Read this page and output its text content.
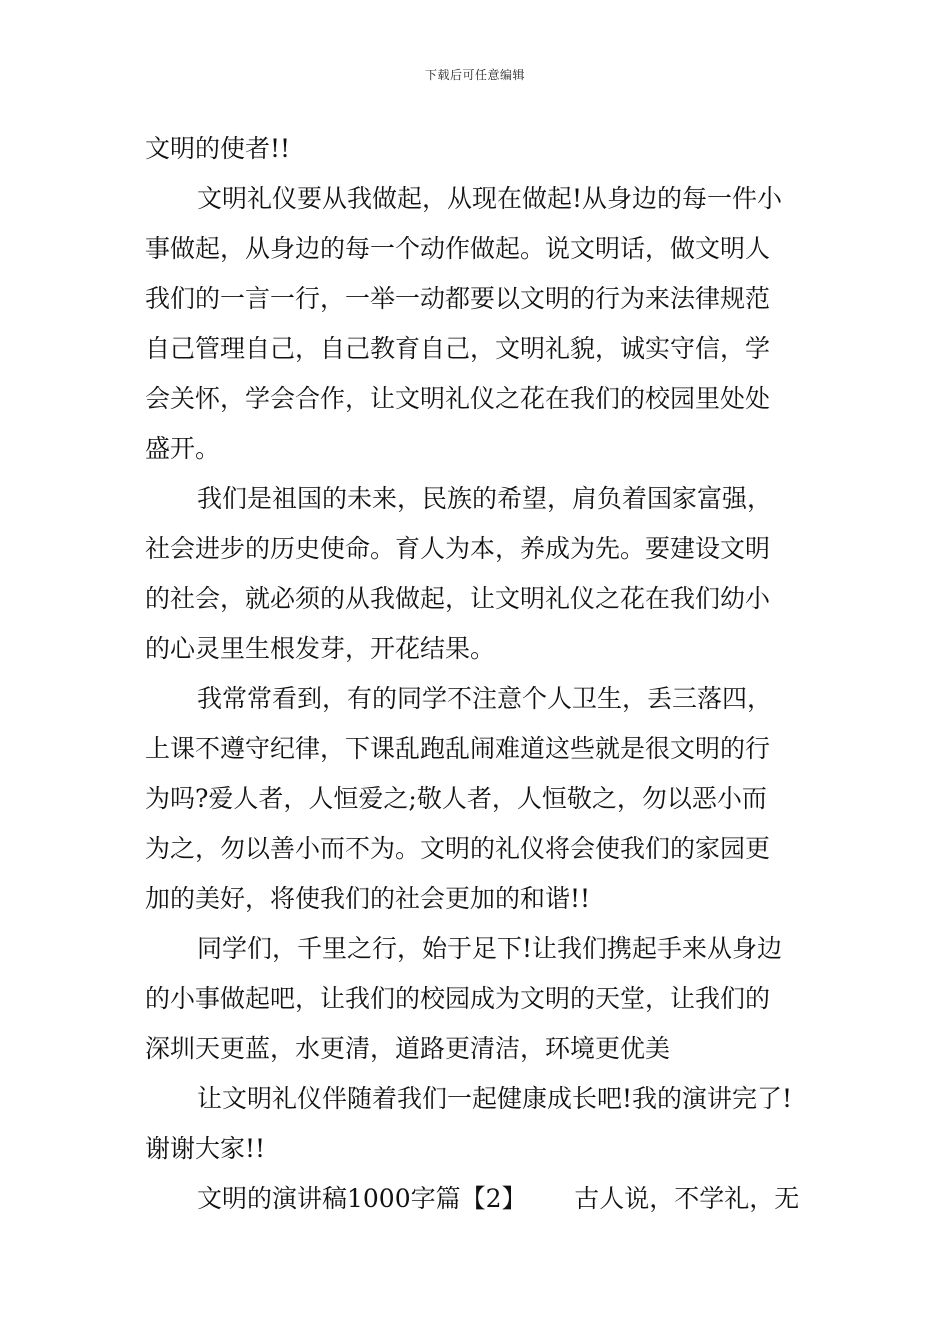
下载后可任意编辑
文明的使者!!
文明礼仪要从我做起，从现在做起!从身边的每一件小
事做起，从身边的每一个动作做起。说文明话，做文明人
我们的一言一行，一举一动都要以文明的行为来法律规范
自己管理自己，自己教育自己，文明礼貌，诚实守信，学
会关怀，学会合作，让文明礼仪之花在我们的校园里处处
盛开。
我们是祖国的未来，民族的希望，肩负着国家富强，
社会进步的历史使命。育人为本，养成为先。要建设文明
的社会，就必须的从我做起，让文明礼仪之花在我们幼小
的心灵里生根发芽，开花结果。
我常常看到，有的同学不注意个人卫生，丢三落四，
上课不遵守纪律，下课乱跑乱闹难道这些就是很文明的行
为吗?爱人者，人恒爱之;敬人者，人恒敬之，勿以恶小而
为之，勿以善小而不为。文明的礼仪将会使我们的家园更
加的美好，将使我们的社会更加的和谐!!
同学们，千里之行，始于足下!让我们携起手来从身边
的小事做起吧，让我们的校园成为文明的天堂，让我们的
深圳天更蓝，水更清，道路更清洁，环境更优美
让文明礼仪伴随着我们一起健康成长吧!我的演讲完了!
谢谢大家!!
文明的演讲稿1000字篇【2】      古人说，不学礼，无
